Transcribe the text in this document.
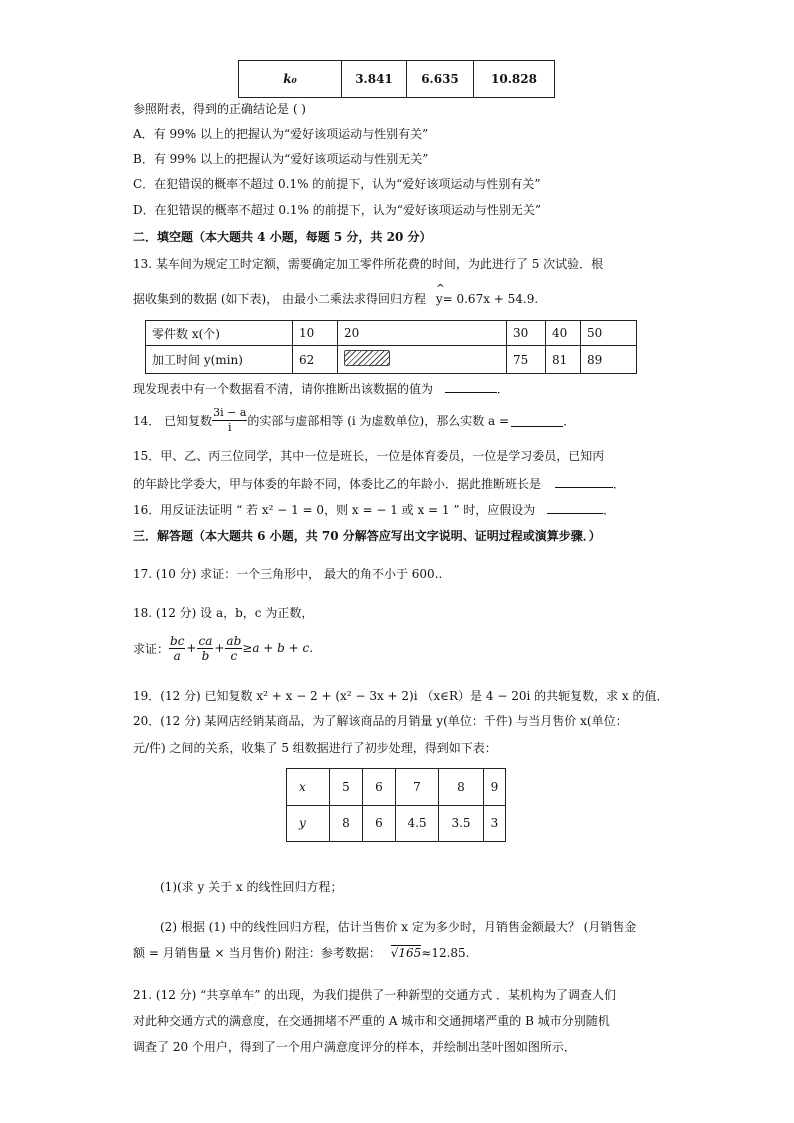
k₀	3.841	6.635	10.828
参照附表，得到的正确结论是 ( )
A．有 99% 以上的把握认为“爱好该项运动与性别有关”
B．有 99% 以上的把握认为“爱好该项运动与性别无关”
C．在犯错误的概率不超过 0.1% 的前提下，认为“爱好该项运动与性别有关”
D．在犯错误的概率不超过 0.1% 的前提下，认为“爱好该项运动与性别无关”
二．填空题（本大题共 4 小题，每题 5 分，共 20 分）
13. 某车间为规定工时定额，需要确定加工零件所花费的时间，为此进行了 5 次试验．根
据收集到的数据 (如下表)， 由最小二乘法求得回归方程
^
y= 0.67x + 54.9.
零件数 x(个)	10	20	30	40	50
加工时间 y(min)	62		75	81	89
现发现表中有一个数据看不清，请你推断出该数据的值为	．
14． 已知复数 $\frac{3i - a}{i}$ 的实部与虚部相等 (i 为虚数单位)，那么实数 a =	．
15．甲、乙、丙三位同学，其中一位是班长，一位是体育委员，一位是学习委员，已知丙
的年龄比学委大，甲与体委的年龄不同，体委比乙的年龄小．据此推断班长是	．
16．用反证法证明 “ 若 x² − 1 = 0，则 x = − 1 或 x = 1 ” 时，应假设为	．
三．解答题（本大题共 6 小题，共 70 分解答应写出文字说明、证明过程或演算步骤．）
17. (10 分) 求证：一个三角形中， 最大的角不小于 600..
18. (12 分) 设 a，b，c 为正数，
求证： $\frac{bc}{a} + \frac{ca}{b} + \frac{ab}{c} \ge a + b + c$.
19．(12 分) 已知复数 x² + x − 2 + (x² − 3x + 2)i （x∈R）是 4 − 20i 的共轭复数，求 x 的值．
20．(12 分) 某网店经销某商品，为了解该商品的月销量 y(单位：千件) 与当月售价 x(单位：
元/件) 之间的关系，收集了 5 组数据进行了初步处理，得到如下表：
x	5	6	7	8	9
y	8	6	4.5	3.5	3
(1)(求 y 关于 x 的线性回归方程；
(2) 根据 (1) 中的线性回归方程，估计当售价 x 定为多少时，月销售金额最大？ (月销售金
额 = 月销售量 × 当月售价) 附注：参考数据： √165≈12.85.
21. (12 分) “共享单车” 的出现，为我们提供了一种新型的交通方式 ．某机构为了调查人们
对此种交通方式的满意度，在交通拥堵不严重的 A 城市和交通拥堵严重的 B 城市分别随机
调查了 20 个用户，得到了一个用户满意度评分的样本，并绘制出茎叶图如图所示．
